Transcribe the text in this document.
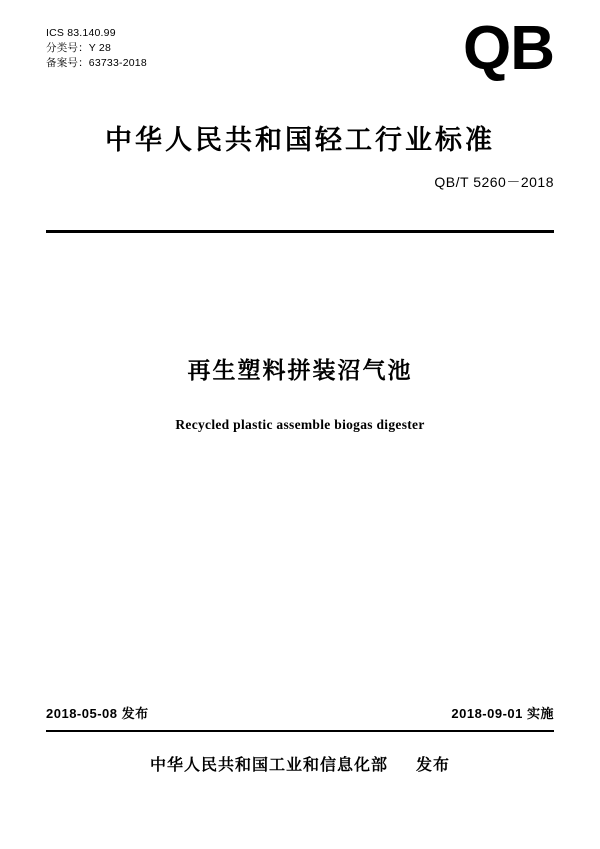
ICS 83.140.99
分类号：Y 28
备案号：63733-2018	QB
中华人民共和国轻工行业标准
QB/T 5260－2018
再生塑料拼装沼气池
Recycled plastic assemble biogas digester
2018-05-08 发布	2018-09-01 实施
中华人民共和国工业和信息化部 发布
